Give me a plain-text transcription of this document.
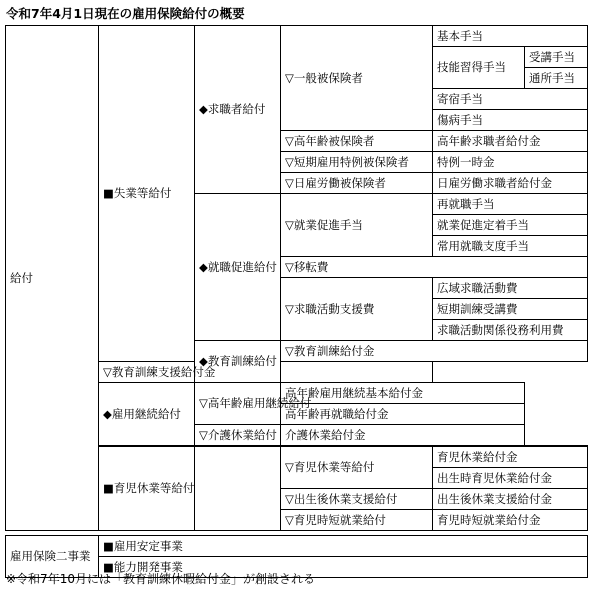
令和7年4月1日現在の雇用保険給付の概要
給付	■失業等給付	◆求職者給付	▽一般被保険者	基本手当	
				技能習得手当	受講手当
					通所手当
				寄宿手当	
				傷病手当	
			▽高年齢被保険者	高年齢求職者給付金	
			▽短期雇用特例被保険者	特例一時金	
			▽日雇労働被保険者	日雇労働求職者給付金	
		◆就職促進給付	▽就業促進手当	再就職手当	
				就業促進定着手当	
				常用就職支度手当	
			▽移転費		
			▽求職活動支援費	広域求職活動費	
				短期訓練受講費	
				求職活動関係役務利用費	
		◆教育訓練給付	▽教育訓練給付金		
	▽教育訓練支援給付金				
	◆雇用継続給付	▽高年齢雇用継続給付	高年齢雇用継続基本給付金		
			高年齢再就職給付金		
		▽介護休業給付	介護休業給付金		
	■育児休業等給付		▽育児休業等給付	育児休業給付金	
				出生時育児休業給付金	
			▽出生後休業支援給付	出生後休業支援給付金	
			▽育児時短就業給付	育児時短就業給付金	

雇用保険二事業	■雇用安定事業				
	■能力開発事業				
※令和7年10月には「教育訓練休暇給付金」が創設される
